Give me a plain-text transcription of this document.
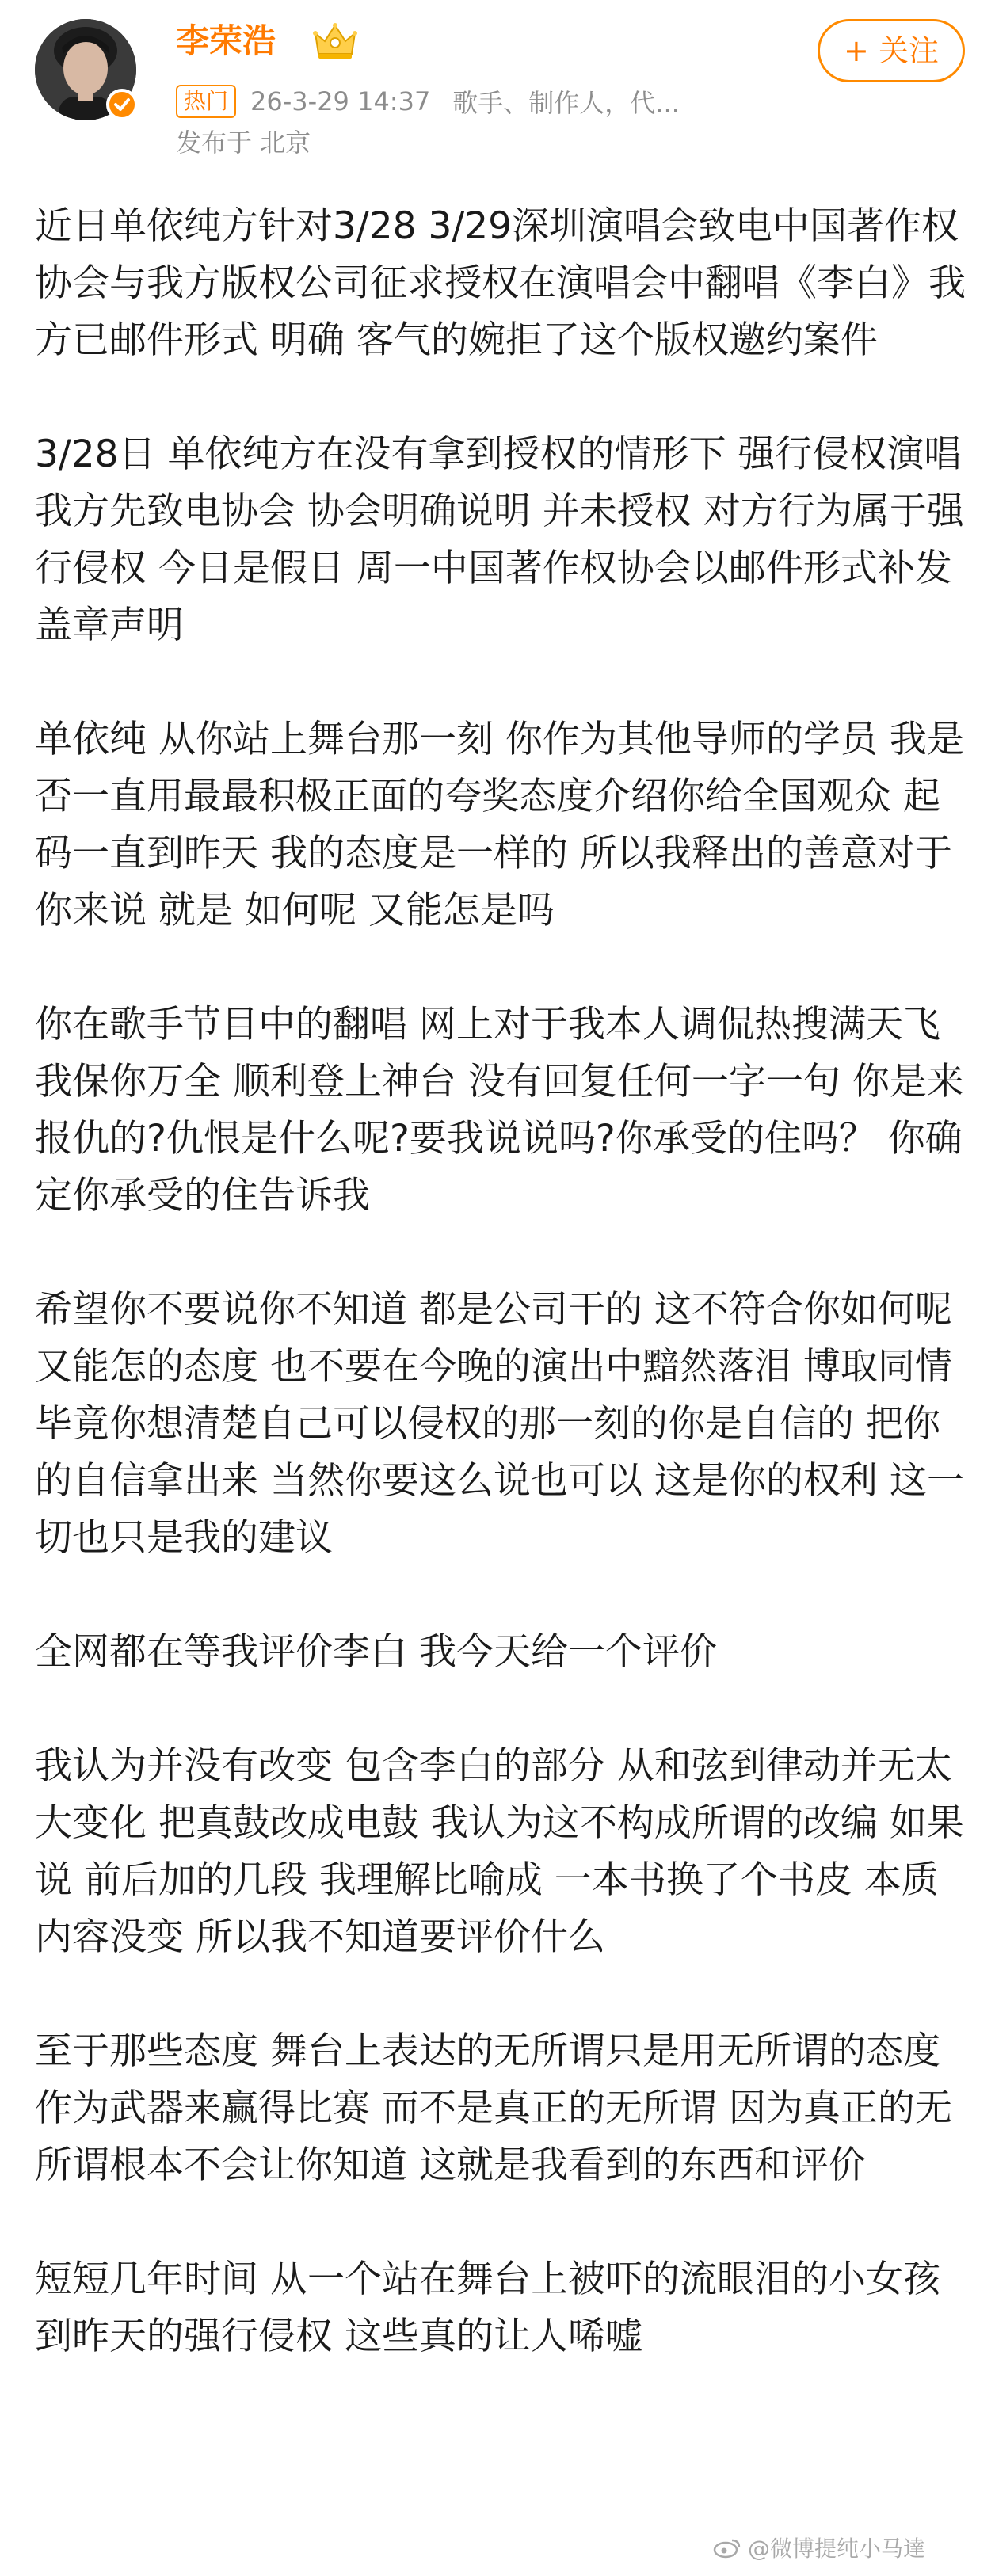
李荣浩
热门 26-3-29 14:37 歌手、制作人，代...
发布于 北京
+ 关注

近日单依纯方针对3/28 3/29深圳演唱会致电中国著作权协会与我方版权公司征求授权在演唱会中翻唱《李白》我方已邮件形式 明确 客气的婉拒了这个版权邀约案件

3/28日 单依纯方在没有拿到授权的情形下 强行侵权演唱 我方先致电协会 协会明确说明 并未授权 对方行为属于强行侵权 今日是假日 周一中国著作权协会以邮件形式补发盖章声明

单依纯 从你站上舞台那一刻 你作为其他导师的学员 我是否一直用最最积极正面的夸奖态度介绍你给全国观众 起码一直到昨天 我的态度是一样的 所以我释出的善意对于你来说 就是 如何呢 又能怎是吗

你在歌手节目中的翻唱 网上对于我本人调侃热搜满天飞 我保你万全 顺利登上神台 没有回复任何一字一句 你是来报仇的?仇恨是什么呢?要我说说吗?你承受的住吗？ 你确定你承受的住告诉我

希望你不要说你不知道 都是公司干的 这不符合你如何呢 又能怎的态度 也不要在今晚的演出中黯然落泪 博取同情 毕竟你想清楚自己可以侵权的那一刻的你是自信的 把你的自信拿出来 当然你要这么说也可以 这是你的权利 这一切也只是我的建议

全网都在等我评价李白 我今天给一个评价

我认为并没有改变 包含李白的部分 从和弦到律动并无太大变化 把真鼓改成电鼓 我认为这不构成所谓的改编 如果说 前后加的几段 我理解比喻成 一本书换了个书皮 本质内容没变 所以我不知道要评价什么

至于那些态度 舞台上表达的无所谓只是用无所谓的态度作为武器来赢得比赛 而不是真正的无所谓 因为真正的无所谓根本不会让你知道 这就是我看到的东西和评价

短短几年时间 从一个站在舞台上被吓的流眼泪的小女孩 到昨天的强行侵权 这些真的让人唏嘘

@微博提纯小马達
